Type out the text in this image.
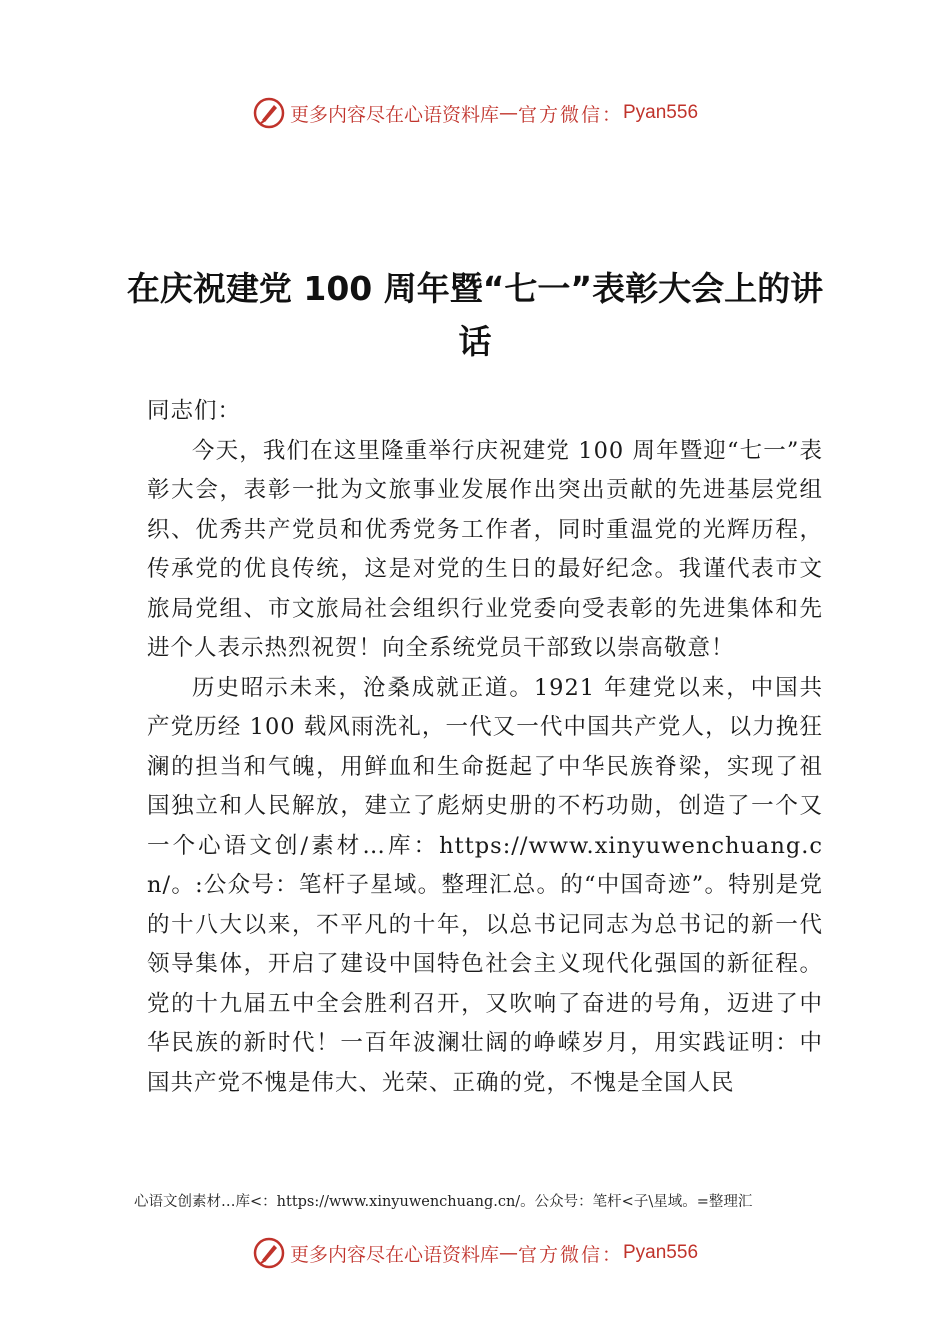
更多内容尽在心语资料库 — 官方微信： Pyan556
在庆祝建党 100 周年暨“七一”表彰大会上的讲话

同志们：

今天，我们在这里隆重举行庆祝建党 100 周年暨迎“七一”表彰大会，表彰一批为文旅事业发展作出突出贡献的先进基层党组织、优秀共产党员和优秀党务工作者，同时重温党的光辉历程，传承党的优良传统，这是对党的生日的最好纪念。我谨代表市文旅局党组、市文旅局社会组织行业党委向受表彰的先进集体和先进个人表示热烈祝贺！向全系统党员干部致以崇高敬意！

历史昭示未来，沧桑成就正道。1921 年建党以来，中国共产党历经 100 载风雨洗礼，一代又一代中国共产党人，以力挽狂澜的担当和气魄，用鲜血和生命挺起了中华民族脊梁，实现了祖国独立和人民解放，建立了彪炳史册的不朽功勋，创造了一个又一个心语文创/素材…库：https://www.xinyuwenchuang.cn/。:公众号：笔杆子星域。整理汇总。的“中国奇迹”。特别是党的十八大以来，不平凡的十年，以总书记同志为总书记的新一代领导集体，开启了建设中国特色社会主义现代化强国的新征程。党的十九届五中全会胜利召开，又吹响了奋进的号角，迈进了中华民族的新时代！一百年波澜壮阔的峥嵘岁月，用实践证明：中国共产党不愧是伟大、光荣、正确的党，不愧是全国人民

心语文创素材…库<：https://www.xinyuwenchuang.cn/。公众号：笔杆<子\星域。=整理汇
更多内容尽在心语资料库 — 官方微信： Pyan556
